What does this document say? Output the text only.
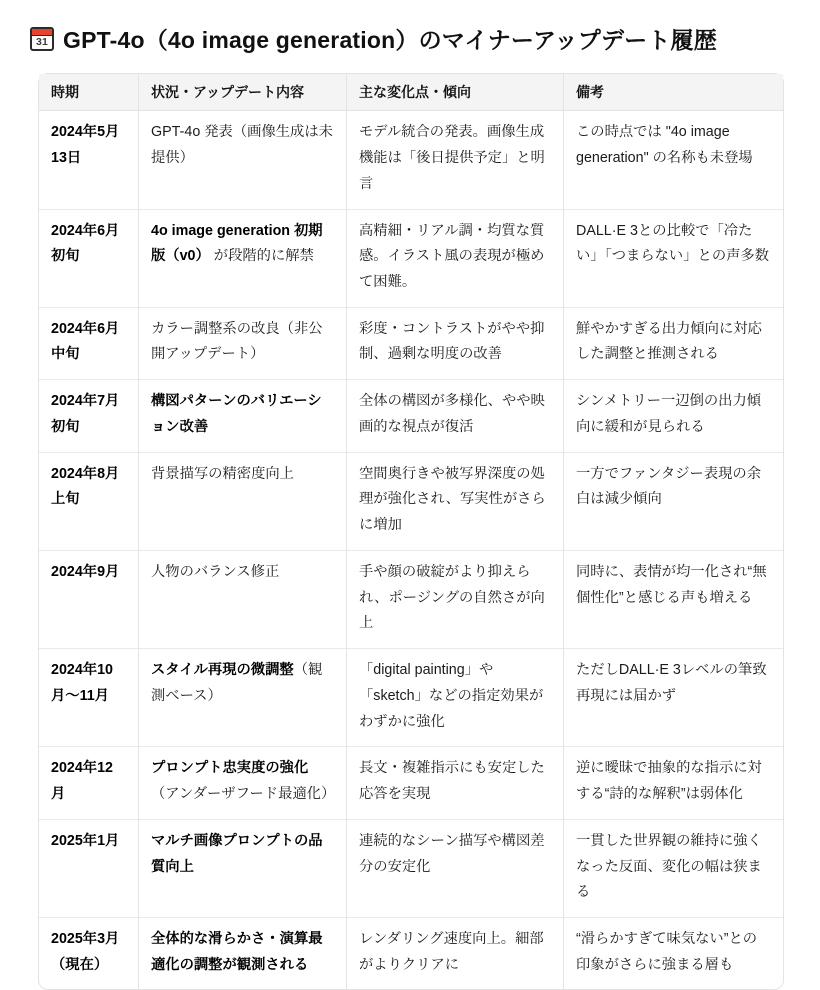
31 GPT-4o（4o image generation）のマイナーアップデート履歴
時期	状況・アップデート内容	主な変化点・傾向	備考
2024年5月13日	GPT-4o 発表（画像生成は未提供）	モデル統合の発表。画像生成機能は「後日提供予定」と明言	この時点では "4o image generation" の名称も未登場
2024年6月初旬	4o image generation 初期版（v0） が段階的に解禁	高精細・リアル調・均質な質感。イラスト風の表現が極めて困難。	DALL·E 3との比較で「冷たい」「つまらない」との声多数
2024年6月中旬	カラー調整系の改良（非公開アップデート）	彩度・コントラストがやや抑制、過剰な明度の改善	鮮やかすぎる出力傾向に対応した調整と推測される
2024年7月初旬	構図パターンのバリエーション改善	全体の構図が多様化、やや映画的な視点が復活	シンメトリー一辺倒の出力傾向に緩和が見られる
2024年8月上旬	背景描写の精密度向上	空間奥行きや被写界深度の処理が強化され、写実性がさらに増加	一方でファンタジー表現の余白は減少傾向
2024年9月	人物のバランス修正	手や顔の破綻がより抑えられ、ポージングの自然さが向上	同時に、表情が均一化され“無個性化”と感じる声も増える
2024年10月～11月	スタイル再現の微調整（観測ベース）	「digital painting」や「sketch」などの指定効果がわずかに強化	ただしDALL·E 3レベルの筆致再現には届かず
2024年12月	プロンプト忠実度の強化 （アンダーザフード最適化）	長文・複雑指示にも安定した応答を実現	逆に曖昧で抽象的な指示に対する“詩的な解釈”は弱体化
2025年1月	マルチ画像プロンプトの品質向上	連続的なシーン描写や構図差分の安定化	一貫した世界観の維持に強くなった反面、変化の幅は狭まる
2025年3月（現在）	全体的な滑らかさ・演算最適化の調整が観測される	レンダリング速度向上。細部がよりクリアに	“滑らかすぎて味気ない”との印象がさらに強まる層も
